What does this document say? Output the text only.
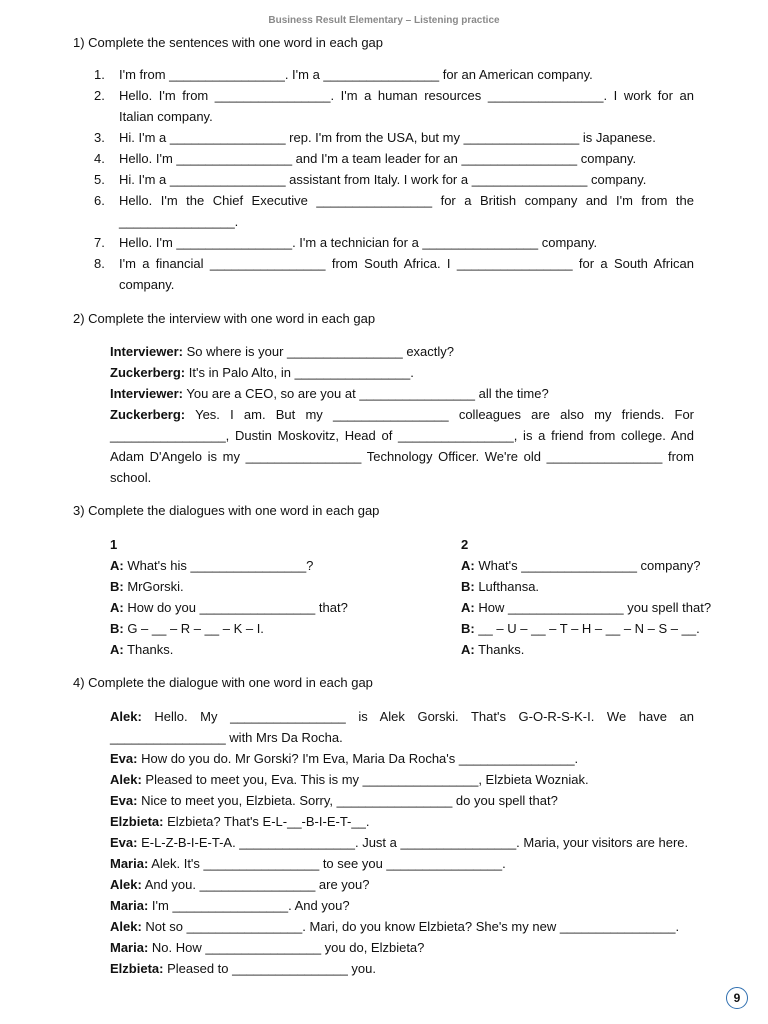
Business Result Elementary – Listening practice
1) Complete the sentences with one word in each gap
1. I'm from ________________. I'm a ________________ for an American company.
2. Hello. I'm from ________________. I'm a human resources ________________. I work for an Italian company.
3. Hi. I'm a ________________ rep. I'm from the USA, but my ________________ is Japanese.
4. Hello. I'm ________________ and I'm a team leader for an ________________ company.
5. Hi. I'm a ________________ assistant from Italy. I work for a ________________ company.
6. Hello. I'm the Chief Executive ________________ for a British company and I'm from the ________________.
7. Hello. I'm ________________. I'm a technician for a ________________ company.
8. I'm a financial ________________ from South Africa. I ________________ for a South African company.
2) Complete the interview with one word in each gap

Interviewer: So where is your ________________ exactly?

Zuckerberg: It's in Palo Alto, in ________________.

Interviewer: You are a CEO, so are you at ________________ all the time?

Zuckerberg: Yes. I am. But my ________________ colleagues are also my friends. For ________________, Dustin Moskovitz, Head of ________________, is a friend from college. And Adam D'Angelo is my ________________ Technology Officer. We're old ________________ from school.

3) Complete the dialogues with one word in each gap

1

A: What's his ________________?

B: MrGorski.

A: How do you ________________ that?

B: G – __ – R – __ – K – I.

A: Thanks.

2

A: What's ________________ company?

B: Lufthansa.

A: How ________________ you spell that?

B: __ – U – __ – T – H – __ – N – S – __.

A: Thanks.

4) Complete the dialogue with one word in each gap

Alek: Hello. My ________________ is Alek Gorski. That's G-O-R-S-K-I. We have an ________________ with Mrs Da Rocha.

Eva: How do you do. Mr Gorski? I'm Eva, Maria Da Rocha's ________________.

Alek: Pleased to meet you, Eva. This is my ________________, Elzbieta Wozniak.

Eva: Nice to meet you, Elzbieta. Sorry, ________________ do you spell that?

Elzbieta: Elzbieta? That's E-L-__-B-I-E-T-__.

Eva: E-L-Z-B-I-E-T-A. ________________. Just a ________________. Maria, your visitors are here.

Maria: Alek. It's ________________ to see you ________________.

Alek: And you. ________________ are you?

Maria: I'm ________________. And you?

Alek: Not so ________________. Mari, do you know Elzbieta? She's my new ________________.

Maria: No. How ________________ you do, Elzbieta?

Elzbieta: Pleased to ________________ you.

9
